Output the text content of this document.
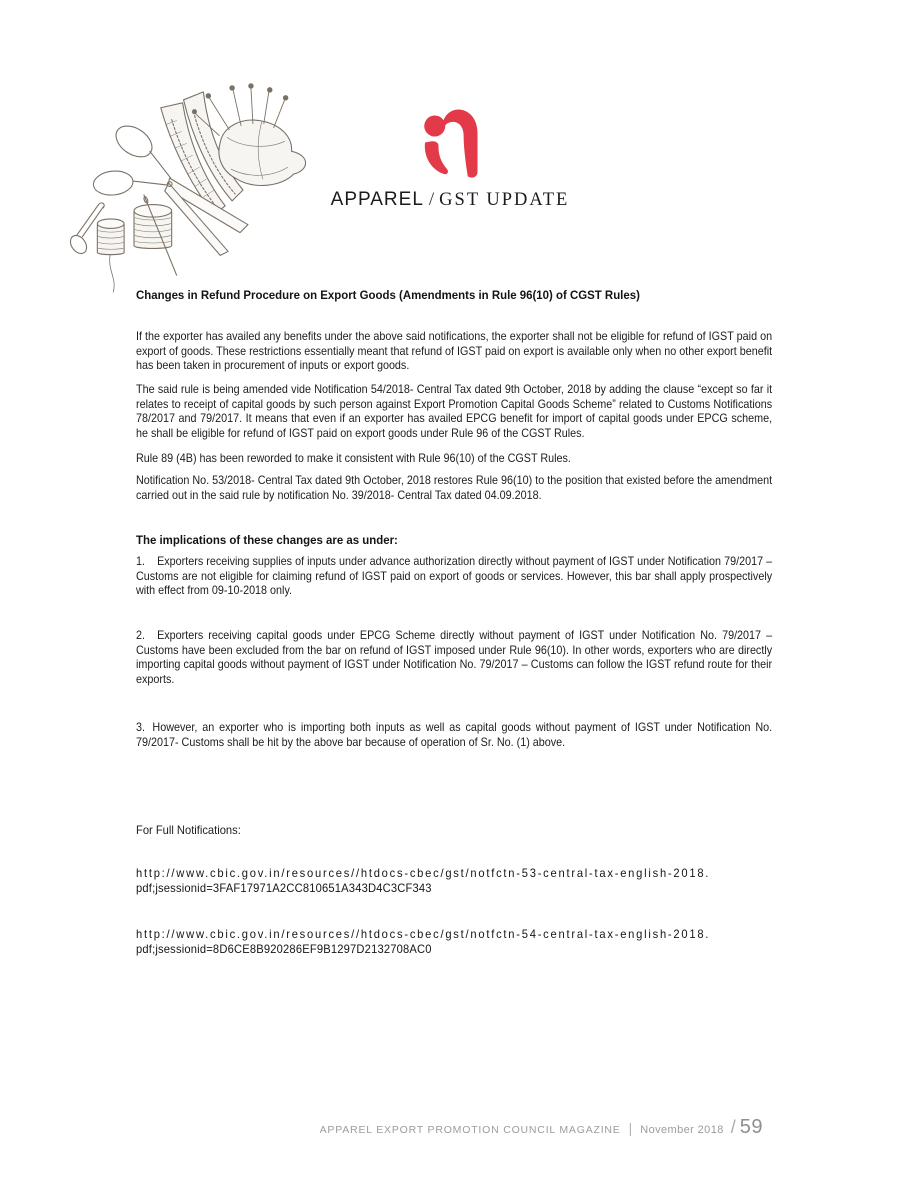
APPAREL / GST UPDATE
Changes in Refund Procedure on Export Goods (Amendments in Rule 96(10) of CGST Rules)

If the exporter has availed any benefits under the above said notifications, the exporter shall not be eligible for refund of IGST paid on export of goods. These restrictions essentially meant that refund of IGST paid on export is available only when no other export benefit has been taken in procurement of inputs or export goods.

The said rule is being amended vide Notification 54/2018- Central Tax dated 9th October, 2018 by adding the clause “except so far it relates to receipt of capital goods by such person against Export Promotion Capital Goods Scheme” related to Customs Notifications 78/2017 and 79/2017. It means that even if an exporter has availed EPCG benefit for import of capital goods under EPCG scheme, he shall be eligible for refund of IGST paid on export goods under Rule 96 of the CGST Rules.

Rule 89 (4B) has been reworded to make it consistent with Rule 96(10) of the CGST Rules.

Notification No. 53/2018- Central Tax dated 9th October, 2018 restores Rule 96(10) to the position that existed before the amendment carried out in the said rule by notification No. 39/2018- Central Tax dated 04.09.2018.

The implications of these changes are as under:

1. Exporters receiving supplies of inputs under advance authorization directly without payment of IGST under Notification 79/2017 – Customs are not eligible for claiming refund of IGST paid on export of goods or services. However, this bar shall apply prospectively with effect from 09-10-2018 only.

2. Exporters receiving capital goods under EPCG Scheme directly without payment of IGST under Notification No. 79/2017 – Customs have been excluded from the bar on refund of IGST imposed under Rule 96(10). In other words, exporters who are directly importing capital goods without payment of IGST under Notification No. 79/2017 – Customs can follow the IGST refund route for their exports.

3. However, an exporter who is importing both inputs as well as capital goods without payment of IGST under Notification No. 79/2017- Customs shall be hit by the above bar because of operation of Sr. No. (1) above.

For Full Notifications:

http://www.cbic.gov.in/resources//htdocs-cbec/gst/notfctn-53-central-tax-english-2018.
pdf;jsessionid=3FAF17971A2CC810651A343D4C3CF343
http://www.cbic.gov.in/resources//htdocs-cbec/gst/notfctn-54-central-tax-english-2018.
pdf;jsessionid=8D6CE8B920286EF9B1297D2132708AC0
APPAREL EXPORT PROMOTION COUNCIL MAGAZINE | November 2018 / 59
